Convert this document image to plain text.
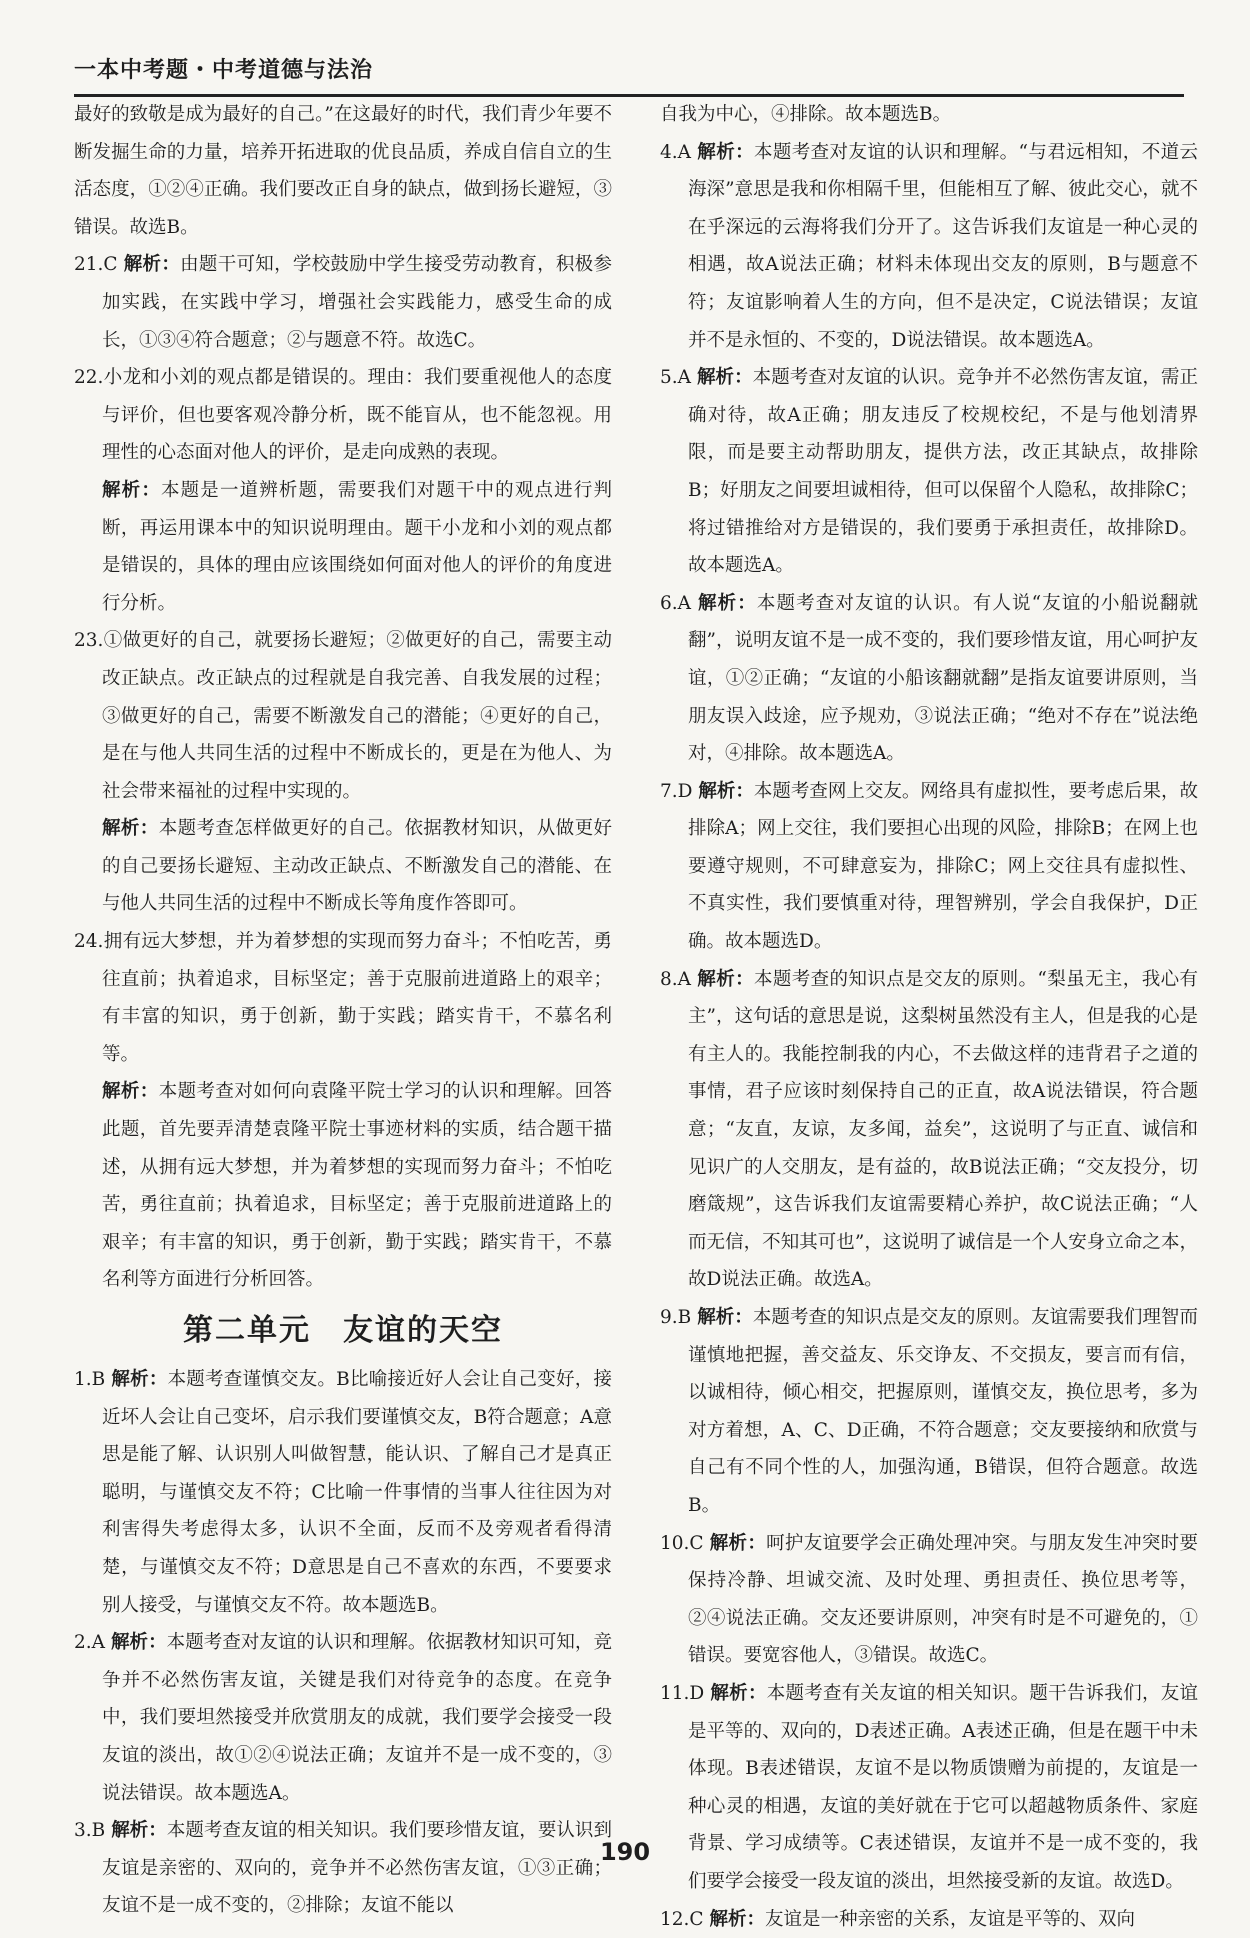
一本中考题・中考道德与法治

最好的致敬是成为最好的自己。”在这最好的时代，我们青少年要不断发掘生命的力量，培养开拓进取的优良品质，养成自信自立的生活态度，①②④正确。我们要改正自身的缺点，做到扬长避短，③错误。故选B。

21.C 解析：由题干可知，学校鼓励中学生接受劳动教育，积极参加实践，在实践中学习，增强社会实践能力，感受生命的成长，①③④符合题意；②与题意不符。故选C。

22.小龙和小刘的观点都是错误的。理由：我们要重视他人的态度与评价，但也要客观冷静分析，既不能盲从，也不能忽视。用理性的心态面对他人的评价，是走向成熟的表现。

解析：本题是一道辨析题，需要我们对题干中的观点进行判断，再运用课本中的知识说明理由。题干小龙和小刘的观点都是错误的，具体的理由应该围绕如何面对他人的评价的角度进行分析。

23.①做更好的自己，就要扬长避短；②做更好的自己，需要主动改正缺点。改正缺点的过程就是自我完善、自我发展的过程；③做更好的自己，需要不断激发自己的潜能；④更好的自己，是在与他人共同生活的过程中不断成长的，更是在为他人、为社会带来福祉的过程中实现的。

解析：本题考查怎样做更好的自己。依据教材知识，从做更好的自己要扬长避短、主动改正缺点、不断激发自己的潜能、在与他人共同生活的过程中不断成长等角度作答即可。

24.拥有远大梦想，并为着梦想的实现而努力奋斗；不怕吃苦，勇往直前；执着追求，目标坚定；善于克服前进道路上的艰辛；有丰富的知识，勇于创新，勤于实践；踏实肯干，不慕名利等。

解析：本题考查对如何向袁隆平院士学习的认识和理解。回答此题，首先要弄清楚袁隆平院士事迹材料的实质，结合题干描述，从拥有远大梦想，并为着梦想的实现而努力奋斗；不怕吃苦，勇往直前；执着追求，目标坚定；善于克服前进道路上的艰辛；有丰富的知识，勇于创新，勤于实践；踏实肯干，不慕名利等方面进行分析回答。

第二单元　友谊的天空

1.B 解析：本题考查谨慎交友。B比喻接近好人会让自己变好，接近坏人会让自己变坏，启示我们要谨慎交友，B符合题意；A意思是能了解、认识别人叫做智慧，能认识、了解自己才是真正聪明，与谨慎交友不符；C比喻一件事情的当事人往往因为对利害得失考虑得太多，认识不全面，反而不及旁观者看得清楚，与谨慎交友不符；D意思是自己不喜欢的东西，不要要求别人接受，与谨慎交友不符。故本题选B。

2.A 解析：本题考查对友谊的认识和理解。依据教材知识可知，竞争并不必然伤害友谊，关键是我们对待竞争的态度。在竞争中，我们要坦然接受并欣赏朋友的成就，我们要学会接受一段友谊的淡出，故①②④说法正确；友谊并不是一成不变的，③说法错误。故本题选A。

3.B 解析：本题考查友谊的相关知识。我们要珍惜友谊，要认识到友谊是亲密的、双向的，竞争并不必然伤害友谊，①③正确；友谊不是一成不变的，②排除；友谊不能以

自我为中心，④排除。故本题选B。

4.A 解析：本题考查对友谊的认识和理解。“与君远相知，不道云海深”意思是我和你相隔千里，但能相互了解、彼此交心，就不在乎深远的云海将我们分开了。这告诉我们友谊是一种心灵的相遇，故A说法正确；材料未体现出交友的原则，B与题意不符；友谊影响着人生的方向，但不是决定，C说法错误；友谊并不是永恒的、不变的，D说法错误。故本题选A。

5.A 解析：本题考查对友谊的认识。竞争并不必然伤害友谊，需正确对待，故A正确；朋友违反了校规校纪，不是与他划清界限，而是要主动帮助朋友，提供方法，改正其缺点，故排除B；好朋友之间要坦诚相待，但可以保留个人隐私，故排除C；将过错推给对方是错误的，我们要勇于承担责任，故排除D。故本题选A。

6.A 解析：本题考查对友谊的认识。有人说“友谊的小船说翻就翻”，说明友谊不是一成不变的，我们要珍惜友谊，用心呵护友谊，①②正确；“友谊的小船该翻就翻”是指友谊要讲原则，当朋友误入歧途，应予规劝，③说法正确；“绝对不存在”说法绝对，④排除。故本题选A。

7.D 解析：本题考查网上交友。网络具有虚拟性，要考虑后果，故排除A；网上交往，我们要担心出现的风险，排除B；在网上也要遵守规则，不可肆意妄为，排除C；网上交往具有虚拟性、不真实性，我们要慎重对待，理智辨别，学会自我保护，D正确。故本题选D。

8.A 解析：本题考查的知识点是交友的原则。“梨虽无主，我心有主”，这句话的意思是说，这梨树虽然没有主人，但是我的心是有主人的。我能控制我的内心，不去做这样的违背君子之道的事情，君子应该时刻保持自己的正直，故A说法错误，符合题意；“友直，友谅，友多闻，益矣”，这说明了与正直、诚信和见识广的人交朋友，是有益的，故B说法正确；“交友投分，切磨箴规”，这告诉我们友谊需要精心养护，故C说法正确；“人而无信，不知其可也”，这说明了诚信是一个人安身立命之本，故D说法正确。故选A。

9.B 解析：本题考查的知识点是交友的原则。友谊需要我们理智而谨慎地把握，善交益友、乐交诤友、不交损友，要言而有信，以诚相待，倾心相交，把握原则，谨慎交友，换位思考，多为对方着想，A、C、D正确，不符合题意；交友要接纳和欣赏与自己有不同个性的人，加强沟通，B错误，但符合题意。故选B。

10.C 解析：呵护友谊要学会正确处理冲突。与朋友发生冲突时要保持冷静、坦诚交流、及时处理、勇担责任、换位思考等，②④说法正确。交友还要讲原则，冲突有时是不可避免的，①错误。要宽容他人，③错误。故选C。

11.D 解析：本题考查有关友谊的相关知识。题干告诉我们，友谊是平等的、双向的，D表述正确。A表述正确，但是在题干中未体现。B表述错误，友谊不是以物质馈赠为前提的，友谊是一种心灵的相遇，友谊的美好就在于它可以超越物质条件、家庭背景、学习成绩等。C表述错误，友谊并不是一成不变的，我们要学会接受一段友谊的淡出，坦然接受新的友谊。故选D。

12.C 解析：友谊是一种亲密的关系，友谊是平等的、双向

190
